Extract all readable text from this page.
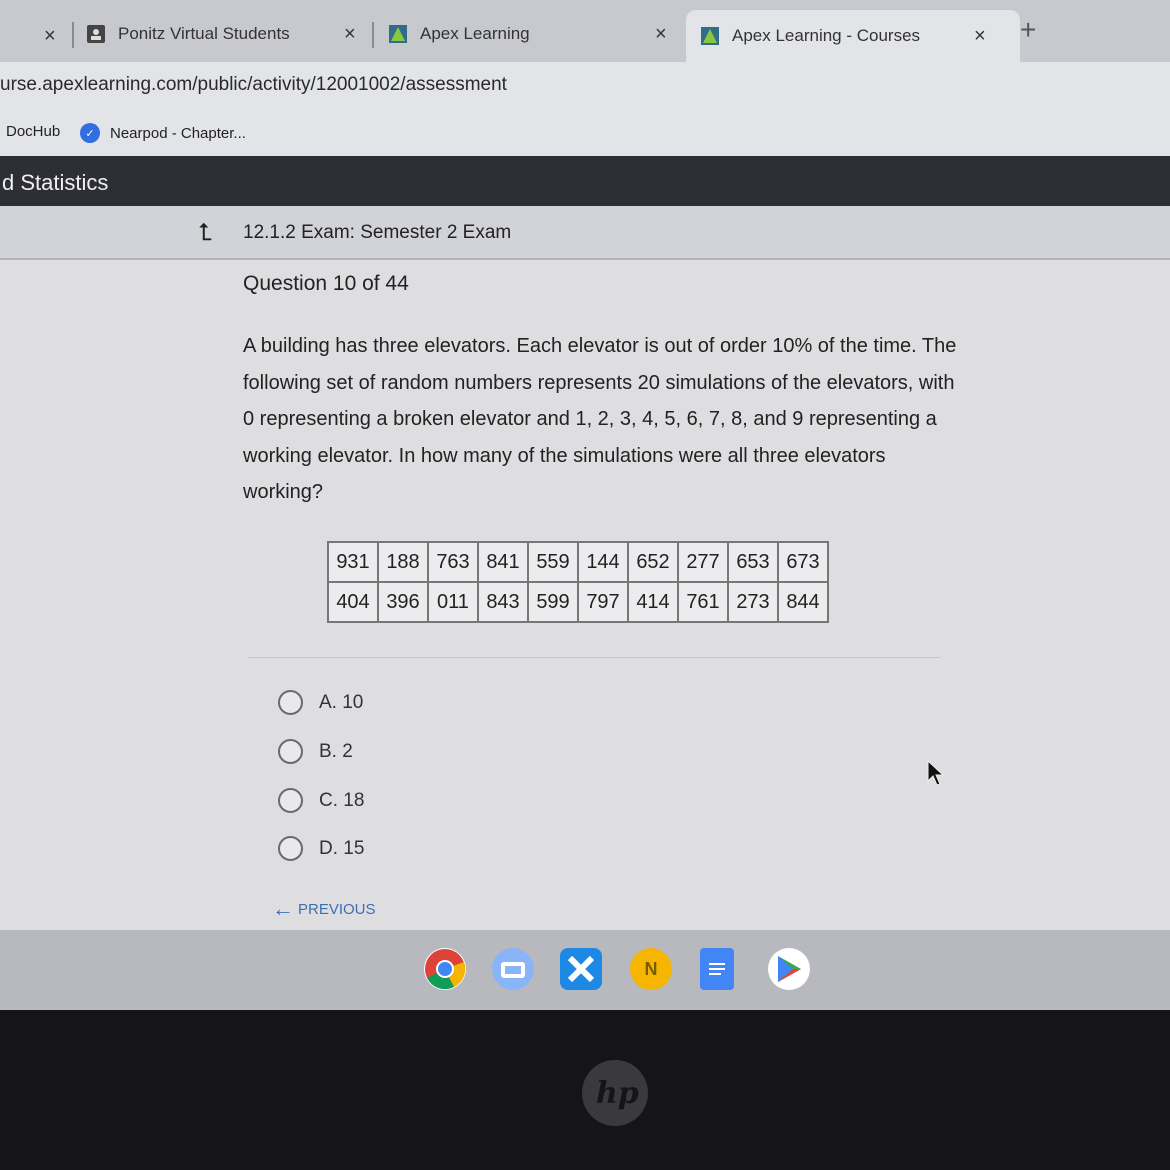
×	Ponitz Virtual Students	×	Apex Learning	×	Apex Learning - Courses	× +
urse.apexlearning.com/public/activity/12001002/assessment
DocHub	✓	Nearpod - Chapter...
d Statistics
⮤ 12.1.2 Exam: Semester 2 Exam
Question 10 of 44

A building has three elevators. Each elevator is out of order 10% of the time. The following set of random numbers represents 20 simulations of the elevators, with 0 representing a broken elevator and 1, 2, 3, 4, 5, 6, 7, 8, and 9 representing a working elevator. In how many of the simulations were all three elevators working?

931	188	763	841	559	144	652	277	653	673
404	396	011	843	599	797	414	761	273	844
A.
10
B.
2
C.
18
D.
15
← PREVIOUS
N
hp
